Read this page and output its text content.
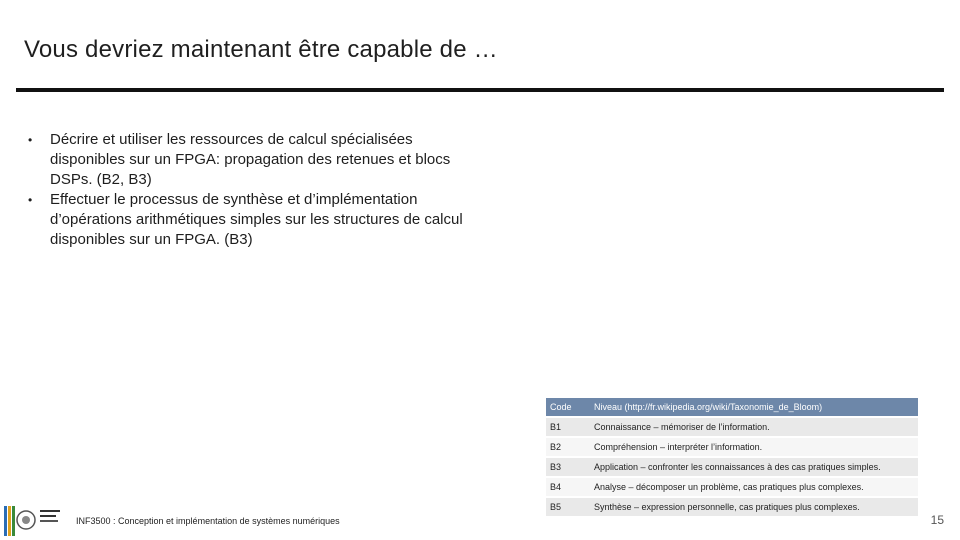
Vous devriez maintenant être capable de …
• Décrire et utiliser les ressources de calcul spécialisées disponibles sur un FPGA: propagation des retenues et blocs DSPs. (B2, B3)
• Effectuer le processus de synthèse et d’implémentation d’opérations arithmétiques simples sur les structures de calcul disponibles sur un FPGA. (B3)
Code	Niveau (http://fr.wikipedia.org/wiki/Taxonomie_de_Bloom)
B1	Connaissance – mémoriser de l’information.
B2	Compréhension – interpréter l’information.
B3	Application – confronter les connaissances à des cas pratiques simples.
B4	Analyse – décomposer un problème, cas pratiques plus complexes.
B5	Synthèse – expression personnelle, cas pratiques plus complexes.
INF3500 : Conception et implémentation de systèmes numériques	15
